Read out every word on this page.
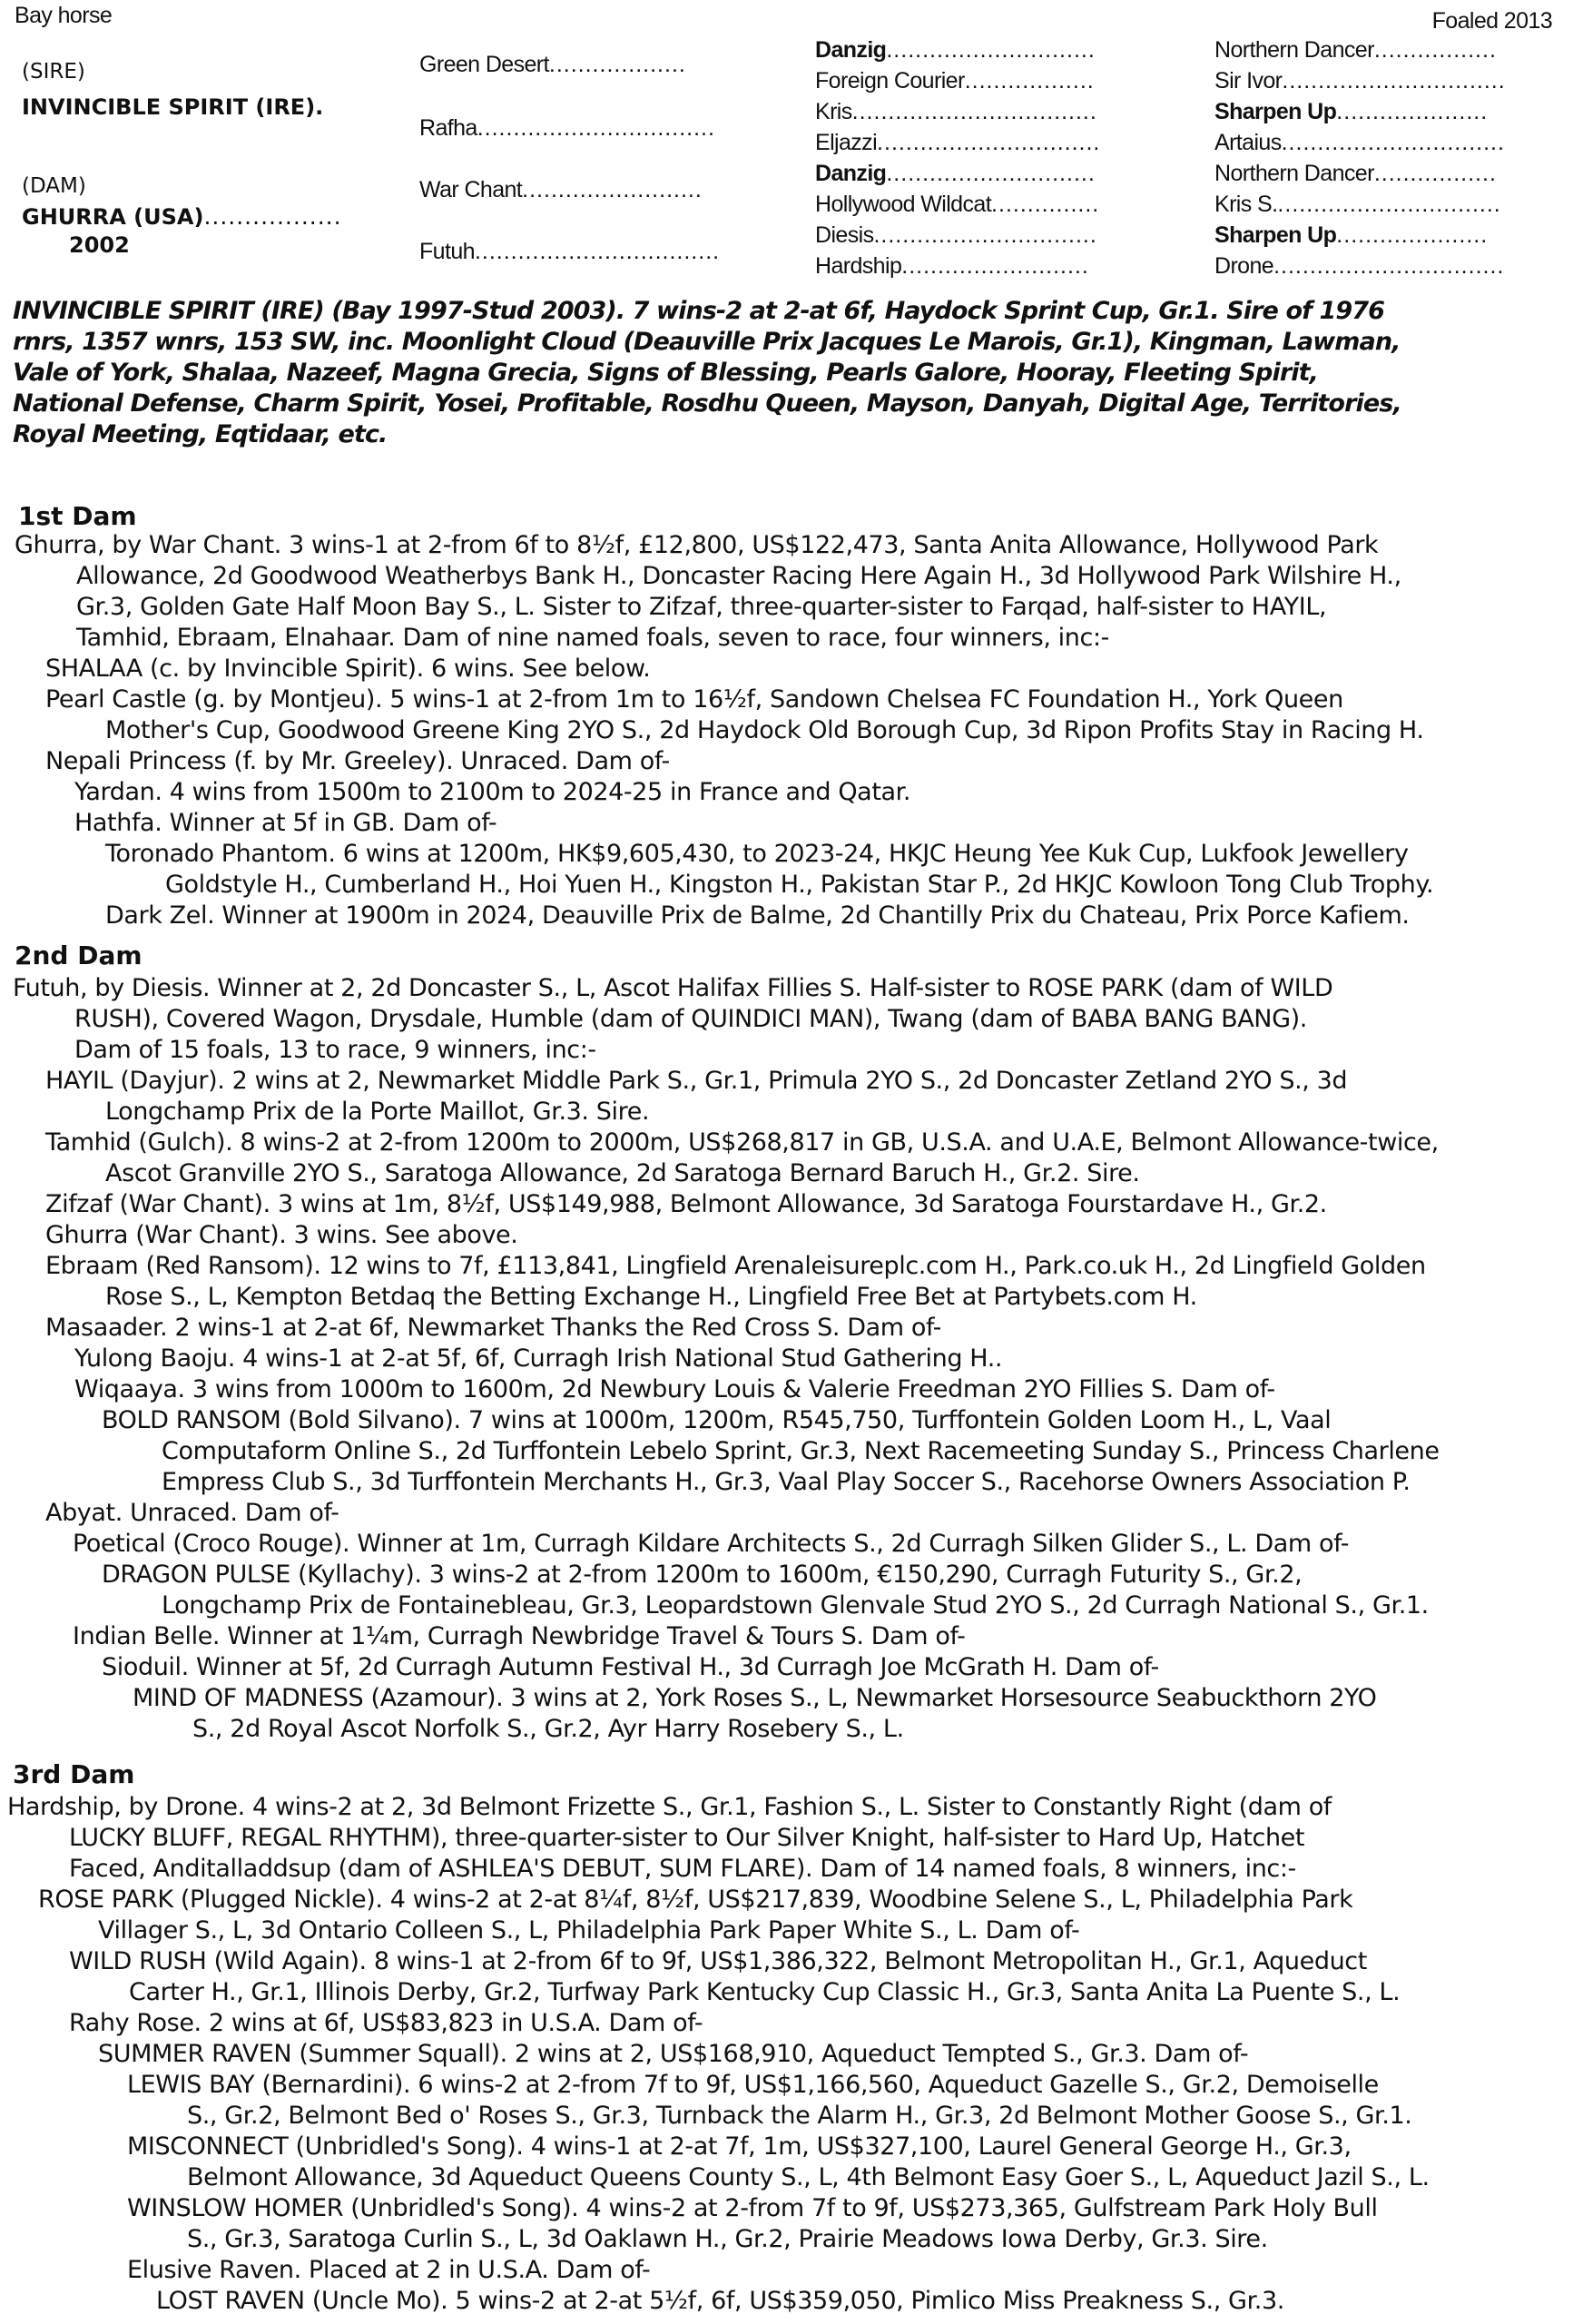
Bay horse	Foaled 2013
(SIRE)
INVINCIBLE SPIRIT (IRE).
(DAM)
GHURRA (USA).................
2002
Green Desert...................
Rafha.................................
War Chant.........................
Futuh..................................
Danzig.............................
Foreign Courier..................
Kris..................................
Eljazzi...............................
Danzig.............................
Hollywood Wildcat...............
Diesis...............................
Hardship..........................
Northern Dancer.................
Sir Ivor...............................
Sharpen Up.....................
Artaius...............................
Northern Dancer.................
Kris S................................
Sharpen Up.....................
Drone................................
INVINCIBLE SPIRIT (IRE) (Bay 1997-Stud 2003). 7 wins-2 at 2-at 6f, Haydock Sprint Cup, Gr.1. Sire of 1976
rnrs, 1357 wnrs, 153 SW, inc. Moonlight Cloud (Deauville Prix Jacques Le Marois, Gr.1), Kingman, Lawman,
Vale of York, Shalaa, Nazeef, Magna Grecia, Signs of Blessing, Pearls Galore, Hooray, Fleeting Spirit,
National Defense, Charm Spirit, Yosei, Profitable, Rosdhu Queen, Mayson, Danyah, Digital Age, Territories,
Royal Meeting, Eqtidaar, etc.
1st Dam
Ghurra, by War Chant. 3 wins-1 at 2-from 6f to 8½f, £12,800, US$122,473, Santa Anita Allowance, Hollywood Park
Allowance, 2d Goodwood Weatherbys Bank H., Doncaster Racing Here Again H., 3d Hollywood Park Wilshire H.,
Gr.3, Golden Gate Half Moon Bay S., L. Sister to Zifzaf, three-quarter-sister to Farqad, half-sister to HAYIL,
Tamhid, Ebraam, Elnahaar. Dam of nine named foals, seven to race, four winners, inc:-
SHALAA (c. by Invincible Spirit). 6 wins. See below.
Pearl Castle (g. by Montjeu). 5 wins-1 at 2-from 1m to 16½f, Sandown Chelsea FC Foundation H., York Queen
Mother's Cup, Goodwood Greene King 2YO S., 2d Haydock Old Borough Cup, 3d Ripon Profits Stay in Racing H.
Nepali Princess (f. by Mr. Greeley). Unraced. Dam of-
Yardan. 4 wins from 1500m to 2100m to 2024-25 in France and Qatar.
Hathfa. Winner at 5f in GB. Dam of-
Toronado Phantom. 6 wins at 1200m, HK$9,605,430, to 2023-24, HKJC Heung Yee Kuk Cup, Lukfook Jewellery
Goldstyle H., Cumberland H., Hoi Yuen H., Kingston H., Pakistan Star P., 2d HKJC Kowloon Tong Club Trophy.
Dark Zel. Winner at 1900m in 2024, Deauville Prix de Balme, 2d Chantilly Prix du Chateau, Prix Porce Kafiem.
2nd Dam
Futuh, by Diesis. Winner at 2, 2d Doncaster S., L, Ascot Halifax Fillies S. Half-sister to ROSE PARK (dam of WILD
RUSH), Covered Wagon, Drysdale, Humble (dam of QUINDICI MAN), Twang (dam of BABA BANG BANG).
Dam of 15 foals, 13 to race, 9 winners, inc:-
HAYIL (Dayjur). 2 wins at 2, Newmarket Middle Park S., Gr.1, Primula 2YO S., 2d Doncaster Zetland 2YO S., 3d
Longchamp Prix de la Porte Maillot, Gr.3. Sire.
Tamhid (Gulch). 8 wins-2 at 2-from 1200m to 2000m, US$268,817 in GB, U.S.A. and U.A.E, Belmont Allowance-twice,
Ascot Granville 2YO S., Saratoga Allowance, 2d Saratoga Bernard Baruch H., Gr.2. Sire.
Zifzaf (War Chant). 3 wins at 1m, 8½f, US$149,988, Belmont Allowance, 3d Saratoga Fourstardave H., Gr.2.
Ghurra (War Chant). 3 wins. See above.
Ebraam (Red Ransom). 12 wins to 7f, £113,841, Lingfield Arenaleisureplc.com H., Park.co.uk H., 2d Lingfield Golden
Rose S., L, Kempton Betdaq the Betting Exchange H., Lingfield Free Bet at Partybets.com H.
Masaader. 2 wins-1 at 2-at 6f, Newmarket Thanks the Red Cross S. Dam of-
Yulong Baoju. 4 wins-1 at 2-at 5f, 6f, Curragh Irish National Stud Gathering H..
Wiqaaya. 3 wins from 1000m to 1600m, 2d Newbury Louis & Valerie Freedman 2YO Fillies S. Dam of-
BOLD RANSOM (Bold Silvano). 7 wins at 1000m, 1200m, R545,750, Turffontein Golden Loom H., L, Vaal
Computaform Online S., 2d Turffontein Lebelo Sprint, Gr.3, Next Racemeeting Sunday S., Princess Charlene
Empress Club S., 3d Turffontein Merchants H., Gr.3, Vaal Play Soccer S., Racehorse Owners Association P.
Abyat. Unraced. Dam of-
Poetical (Croco Rouge). Winner at 1m, Curragh Kildare Architects S., 2d Curragh Silken Glider S., L. Dam of-
DRAGON PULSE (Kyllachy). 3 wins-2 at 2-from 1200m to 1600m, €150,290, Curragh Futurity S., Gr.2,
Longchamp Prix de Fontainebleau, Gr.3, Leopardstown Glenvale Stud 2YO S., 2d Curragh National S., Gr.1.
Indian Belle. Winner at 1¼m, Curragh Newbridge Travel & Tours S. Dam of-
Sioduil. Winner at 5f, 2d Curragh Autumn Festival H., 3d Curragh Joe McGrath H. Dam of-
MIND OF MADNESS (Azamour). 3 wins at 2, York Roses S., L, Newmarket Horsesource Seabuckthorn 2YO
S., 2d Royal Ascot Norfolk S., Gr.2, Ayr Harry Rosebery S., L.
3rd Dam
Hardship, by Drone. 4 wins-2 at 2, 3d Belmont Frizette S., Gr.1, Fashion S., L. Sister to Constantly Right (dam of
LUCKY BLUFF, REGAL RHYTHM), three-quarter-sister to Our Silver Knight, half-sister to Hard Up, Hatchet
Faced, Anditalladdsup (dam of ASHLEA'S DEBUT, SUM FLARE). Dam of 14 named foals, 8 winners, inc:-
ROSE PARK (Plugged Nickle). 4 wins-2 at 2-at 8¼f, 8½f, US$217,839, Woodbine Selene S., L, Philadelphia Park
Villager S., L, 3d Ontario Colleen S., L, Philadelphia Park Paper White S., L. Dam of-
WILD RUSH (Wild Again). 8 wins-1 at 2-from 6f to 9f, US$1,386,322, Belmont Metropolitan H., Gr.1, Aqueduct
Carter H., Gr.1, Illinois Derby, Gr.2, Turfway Park Kentucky Cup Classic H., Gr.3, Santa Anita La Puente S., L.
Rahy Rose. 2 wins at 6f, US$83,823 in U.S.A. Dam of-
SUMMER RAVEN (Summer Squall). 2 wins at 2, US$168,910, Aqueduct Tempted S., Gr.3. Dam of-
LEWIS BAY (Bernardini). 6 wins-2 at 2-from 7f to 9f, US$1,166,560, Aqueduct Gazelle S., Gr.2, Demoiselle
S., Gr.2, Belmont Bed o' Roses S., Gr.3, Turnback the Alarm H., Gr.3, 2d Belmont Mother Goose S., Gr.1.
MISCONNECT (Unbridled's Song). 4 wins-1 at 2-at 7f, 1m, US$327,100, Laurel General George H., Gr.3,
Belmont Allowance, 3d Aqueduct Queens County S., L, 4th Belmont Easy Goer S., L, Aqueduct Jazil S., L.
WINSLOW HOMER (Unbridled's Song). 4 wins-2 at 2-from 7f to 9f, US$273,365, Gulfstream Park Holy Bull
S., Gr.3, Saratoga Curlin S., L, 3d Oaklawn H., Gr.2, Prairie Meadows Iowa Derby, Gr.3. Sire.
Elusive Raven. Placed at 2 in U.S.A. Dam of-
LOST RAVEN (Uncle Mo). 5 wins-2 at 2-at 5½f, 6f, US$359,050, Pimlico Miss Preakness S., Gr.3.
